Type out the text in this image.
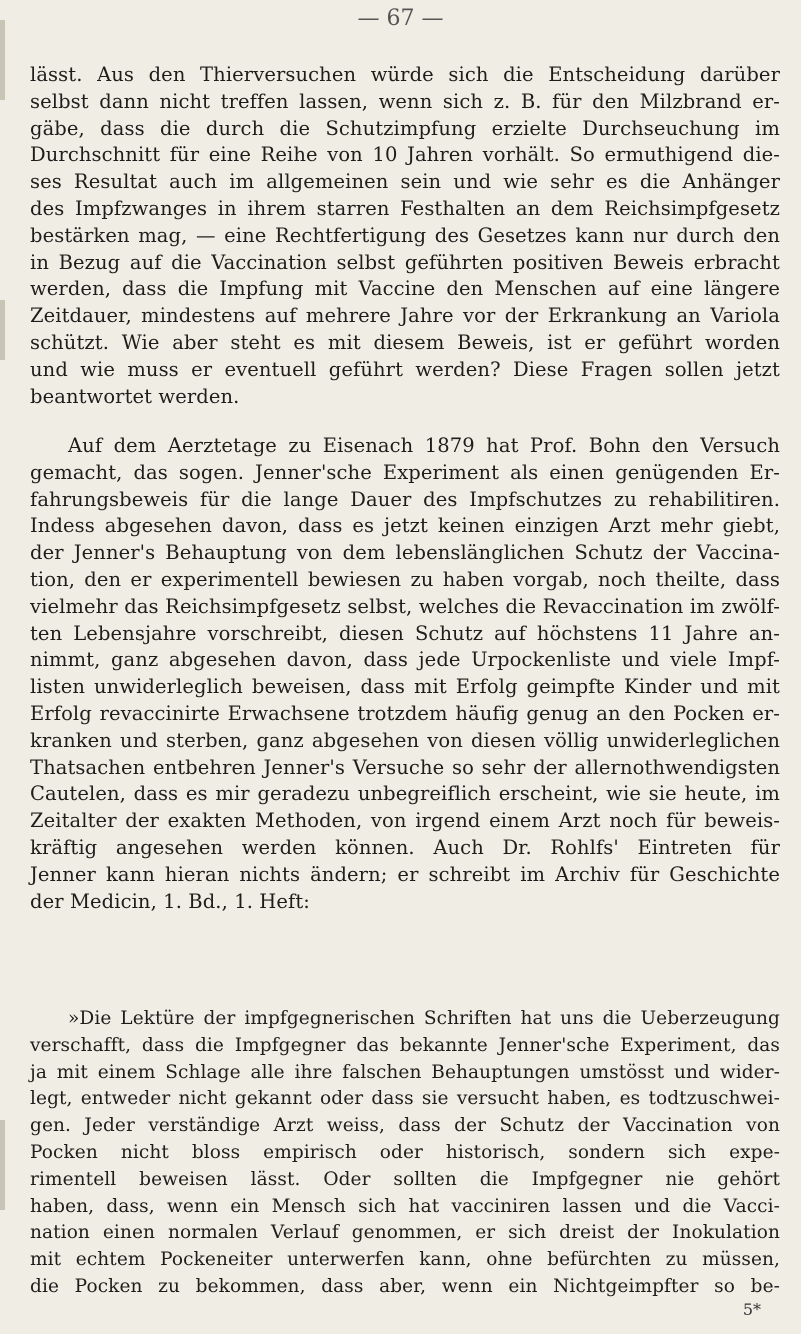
— 67 —
lässt. Aus den Thierversuchen würde sich die Entscheidung darüber
selbst dann nicht treffen lassen, wenn sich z. B. für den Milzbrand er-
gäbe, dass die durch die Schutzimpfung erzielte Durchseuchung im
Durchschnitt für eine Reihe von 10 Jahren vorhält. So ermuthigend die-
ses Resultat auch im allgemeinen sein und wie sehr es die Anhänger
des Impfzwanges in ihrem starren Festhalten an dem Reichsimpfgesetz
bestärken mag, — eine Rechtfertigung des Gesetzes kann nur durch den
in Bezug auf die Vaccination selbst geführten positiven Beweis erbracht
werden, dass die Impfung mit Vaccine den Menschen auf eine längere
Zeitdauer, mindestens auf mehrere Jahre vor der Erkrankung an Variola
schützt. Wie aber steht es mit diesem Beweis, ist er geführt worden
und wie muss er eventuell geführt werden? Diese Fragen sollen jetzt
beantwortet werden.
Auf dem Aerztetage zu Eisenach 1879 hat Prof. Bohn den Versuch
gemacht, das sogen. Jenner'sche Experiment als einen genügenden Er-
fahrungsbeweis für die lange Dauer des Impfschutzes zu rehabilitiren.
Indess abgesehen davon, dass es jetzt keinen einzigen Arzt mehr giebt,
der Jenner's Behauptung von dem lebenslänglichen Schutz der Vaccina-
tion, den er experimentell bewiesen zu haben vorgab, noch theilte, dass
vielmehr das Reichsimpfgesetz selbst, welches die Revaccination im zwölf-
ten Lebensjahre vorschreibt, diesen Schutz auf höchstens 11 Jahre an-
nimmt, ganz abgesehen davon, dass jede Urpockenliste und viele Impf-
listen unwiderleglich beweisen, dass mit Erfolg geimpfte Kinder und mit
Erfolg revaccinirte Erwachsene trotzdem häufig genug an den Pocken er-
kranken und sterben, ganz abgesehen von diesen völlig unwiderleglichen
Thatsachen entbehren Jenner's Versuche so sehr der allernothwendigsten
Cautelen, dass es mir geradezu unbegreiflich erscheint, wie sie heute, im
Zeitalter der exakten Methoden, von irgend einem Arzt noch für beweis-
kräftig angesehen werden können. Auch Dr. Rohlfs' Eintreten für
Jenner kann hieran nichts ändern; er schreibt im Archiv für Geschichte
der Medicin, 1. Bd., 1. Heft:
»Die Lektüre der impfgegnerischen Schriften hat uns die Ueberzeugung
verschafft, dass die Impfgegner das bekannte Jenner'sche Experiment, das
ja mit einem Schlage alle ihre falschen Behauptungen umstösst und wider-
legt, entweder nicht gekannt oder dass sie versucht haben, es todtzuschwei-
gen. Jeder verständige Arzt weiss, dass der Schutz der Vaccination von
Pocken nicht bloss empirisch oder historisch, sondern sich expe-
rimentell beweisen lässt. Oder sollten die Impfgegner nie gehört
haben, dass, wenn ein Mensch sich hat vacciniren lassen und die Vacci-
nation einen normalen Verlauf genommen, er sich dreist der Inokulation
mit echtem Pockeneiter unterwerfen kann, ohne befürchten zu müssen,
die Pocken zu bekommen, dass aber, wenn ein Nichtgeimpfter so be-
5*
